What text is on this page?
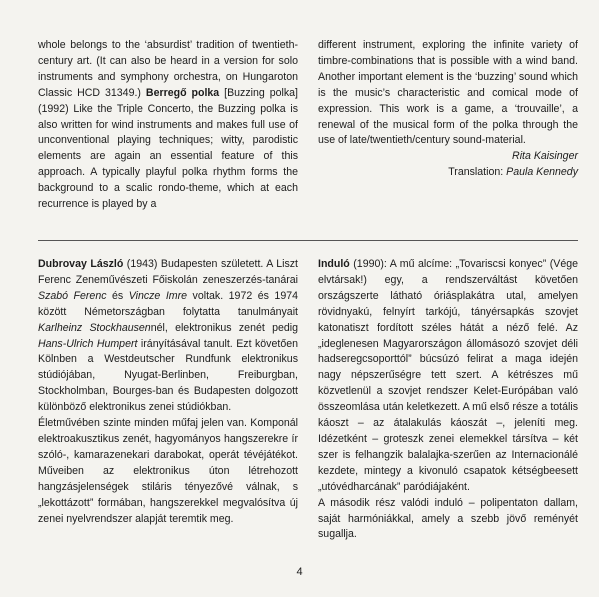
whole belongs to the ‘absurdist’ tradition of twentieth-century art. (It can also be heard in a version for solo instruments and symphony orchestra, on Hungaroton Classic HCD 31349.) Berregő polka [Buzzing polka] (1992) Like the Triple Concerto, the Buzzing polka is also written for wind instruments and makes full use of unconventional playing techniques; witty, parodistic elements are again an essential feature of this approach. A typically playful polka rhythm forms the background to a scalic rondo-theme, which at each recurrence is played by a

different instrument, exploring the infinite variety of timbre-combinations that is possible with a wind band. Another important element is the ‘buzzing’ sound which is the music’s characteristic and comical mode of expression. This work is a game, a ‘trouvaille’, a renewal of the musical form of the polka through the use of late/twentieth/century sound-material.

Rita Kaisinger

Translation: Paula Kennedy

Dubrovay László (1943) Budapesten született. A Liszt Ferenc Zeneművészeti Főiskolán zeneszerzés-tanárai Szabó Ferenc és Vincze Imre voltak. 1972 és 1974 között Németországban folytatta tanulmányait Karlheinz Stockhausennél, elektronikus zenét pedig Hans-Ulrich Humpert irányításával tanult. Ezt követően Kölnben a Westdeutscher Rundfunk elektronikus stúdiójában, Nyugat-Berlinben, Freiburgban, Stockholmban, Bourges-ban és Budapesten dolgozott különböző elektronikus zenei stúdiókban.

Életművében szinte minden műfaj jelen van. Komponál elektroakusztikus zenét, hagyományos hangszerekre ír szóló-, kamarazenekari darabokat, operát tévéjátékot. Műveiben az elektronikus úton létrehozott hangzásjelenségek stiláris tényezővé válnak, s „lekottázott” formában, hangszerekkel megvalósítva új zenei nyelvrendszer alapját teremtik meg.

Induló (1990): A mű alcíme: „Tovariscsi konyec” (Vége elvtársak!) egy, a rendszerváltást követően országszerte látható óriásplakátra utal, amelyen rövidnyakú, felnyírt tarkójú, tányérsapkás szovjet katonatiszt fordított széles hátát a néző felé. Az „ideglenesen Magyarországon állomásozó szovjet déli hadseregcsoporttól” búcsúzó felirat a maga idején nagy népszerűségre tett szert. A kétrészes mű közvetlenül a szovjet rendszer Kelet-Európában való összeomlása után keletkezett. A mű első része a totális káoszt – az átalakulás káoszát –, jeleníti meg. Idézetként – groteszk zenei elemekkel társítva – két szer is felhangzik balalajka-szerűen az Internacionálé kezdete, mintegy a kivonuló csapatok kétségbeesett „utóvédharcának” paródiájaként.

A második rész valódi induló – polipentaton dallam, saját harmóniákkal, amely a szebb jövő reményét sugallja.

4
